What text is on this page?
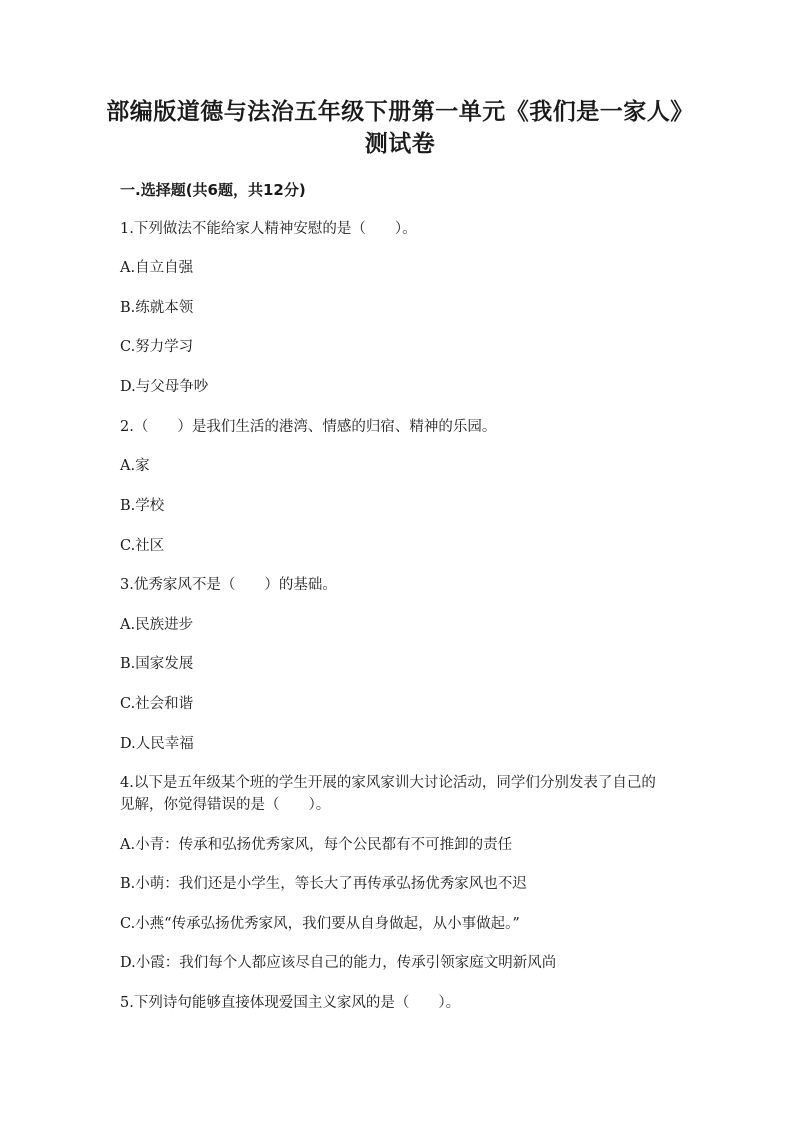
部编版道德与法治五年级下册第一单元《我们是一家人》测试卷
一.选择题(共6题，共12分)
1.下列做法不能给家人精神安慰的是（　　）。
A.自立自强
B.练就本领
C.努力学习
D.与父母争吵
2.（　　）是我们生活的港湾、情感的归宿、精神的乐园。
A.家
B.学校
C.社区
3.优秀家风不是（　　）的基础。
A.民族进步
B.国家发展
C.社会和谐
D.人民幸福
4.以下是五年级某个班的学生开展的家风家训大讨论活动，同学们分别发表了自己的见解，你觉得错误的是（　　）。
A.小青：传承和弘扬优秀家风，每个公民都有不可推卸的责任
B.小萌：我们还是小学生，等长大了再传承弘扬优秀家风也不迟
C.小燕“传承弘扬优秀家风，我们要从自身做起，从小事做起。”
D.小霞：我们每个人都应该尽自己的能力，传承引领家庭文明新风尚
5.下列诗句能够直接体现爱国主义家风的是（　　）。
